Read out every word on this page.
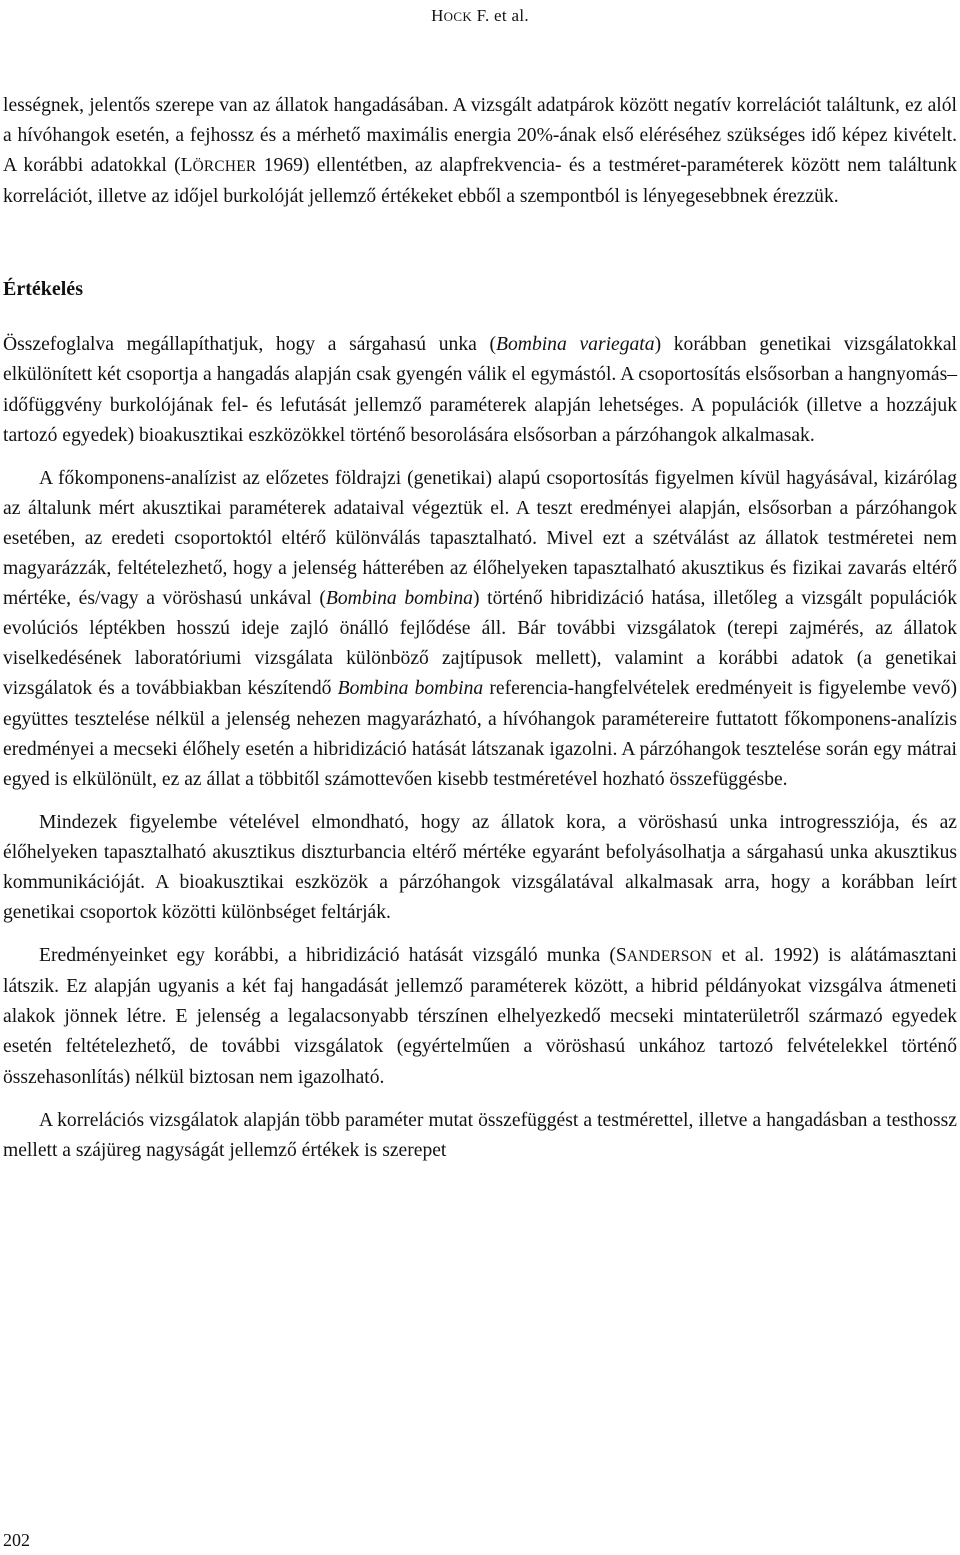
HOCK F. et al.

lességnek, jelentős szerepe van az állatok hangadásában. A vizsgált adatpárok között negatív korrelációt találtunk, ez alól a hívóhangok esetén, a fejhossz és a mérhető maximális energia 20%-ának első eléréséhez szükséges idő képez kivételt. A korábbi adatokkal (LÖRCHER 1969) ellentétben, az alapfrekvencia- és a testméret-paraméterek között nem találtunk korrelációt, illetve az időjel burkolóját jellemző értékeket ebből a szempontból is lényegesebbnek érezzük.

Értékelés

Összefoglalva megállapíthatjuk, hogy a sárgahasú unka (Bombina variegata) korábban genetikai vizsgálatokkal elkülönített két csoportja a hangadás alapján csak gyengén válik el egymástól. A csoportosítás elsősorban a hangnyomás–időfüggvény burkolójának fel- és lefutását jellemző paraméterek alapján lehetséges. A populációk (illetve a hozzájuk tartozó egyedek) bioakusztikai eszközökkel történő besorolására elsősorban a párzóhangok alkalmasak.

A főkomponens-analízist az előzetes földrajzi (genetikai) alapú csoportosítás figyelmen kívül hagyásával, kizárólag az általunk mért akusztikai paraméterek adataival végeztük el. A teszt eredményei alapján, elsősorban a párzóhangok esetében, az eredeti csoportoktól eltérő különválás tapasztalható. Mivel ezt a szétválást az állatok testméretei nem magyarázzák, feltételezhető, hogy a jelenség hátterében az élőhelyeken tapasztalható akusztikus és fizikai zavarás eltérő mértéke, és/vagy a vöröshasú unkával (Bombina bombina) történő hibridizáció hatása, illetőleg a vizsgált populációk evolúciós léptékben hosszú ideje zajló önálló fejlődése áll. Bár további vizsgálatok (terepi zajmérés, az állatok viselkedésének laboratóriumi vizsgálata különböző zajtípusok mellett), valamint a korábbi adatok (a genetikai vizsgálatok és a továbbiakban készítendő Bombina bombina referencia-hangfelvételek eredményeit is figyelembe vevő) együttes tesztelése nélkül a jelenség nehezen magyarázható, a hívóhangok paramétereire futtatott főkomponens-analízis eredményei a mecseki élőhely esetén a hibridizáció hatását látszanak igazolni. A párzóhangok tesztelése során egy mátrai egyed is elkülönült, ez az állat a többitől számottevően kisebb testméretével hozható összefüggésbe.

Mindezek figyelembe vételével elmondható, hogy az állatok kora, a vöröshasú unka introgressziója, és az élőhelyeken tapasztalható akusztikus diszturbancia eltérő mértéke egyaránt befolyásolhatja a sárgahasú unka akusztikus kommunikációját. A bioakusztikai eszközök a párzóhangok vizsgálatával alkalmasak arra, hogy a korábban leírt genetikai csoportok közötti különbséget feltárják.

Eredményeinket egy korábbi, a hibridizáció hatását vizsgáló munka (SANDERSON et al. 1992) is alátámasztani látszik. Ez alapján ugyanis a két faj hangadását jellemző paraméterek között, a hibrid példányokat vizsgálva átmeneti alakok jönnek létre. E jelenség a legalacsonyabb térszínen elhelyezkedő mecseki mintaterületről származó egyedek esetén feltételezhető, de további vizsgálatok (egyértelműen a vöröshasú unkához tartozó felvételekkel történő összehasonlítás) nélkül biztosan nem igazolható.

A korrelációs vizsgálatok alapján több paraméter mutat összefüggést a testmérettel, illetve a hangadásban a testhossz mellett a szájüreg nagyságát jellemző értékek is szerepet

202
